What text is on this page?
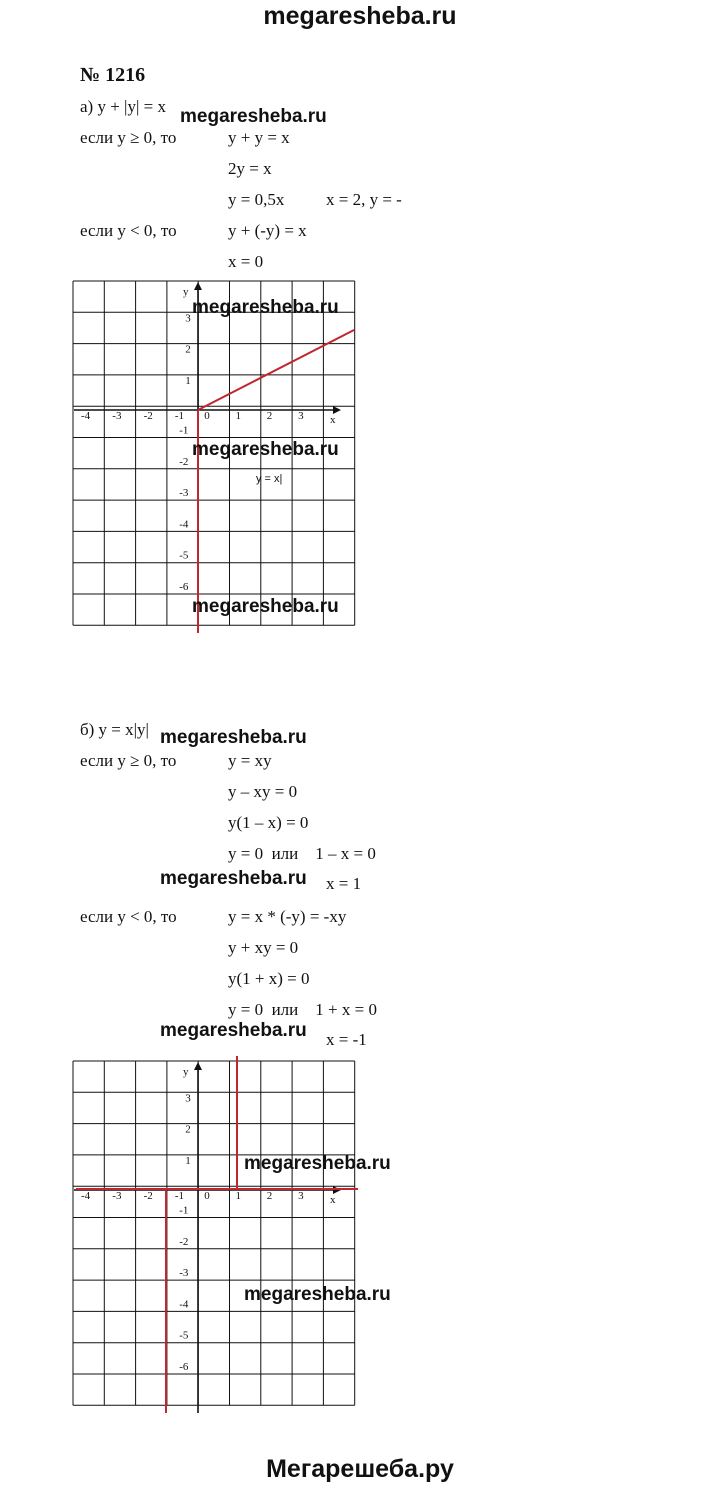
megaresheba.ru
Мегарешеба.ру
№ 1216
а) y + |y| = x
если y ≥ 0, то	y + y = x
2y = x
y = 0,5x x = 2, y = -
если y < 0, то	y + (-y) = x
x = 0
megaresheba.ru
-4 -3 -2 -1 0 1 2 3
3
2
1
-1
-2
-3
-4
-5
-6
x
y
y = x|
megaresheba.ru
megaresheba.ru
megaresheba.ru
б) y = x|y|
если y ≥ 0, то	y = xy
y – xy = 0
y(1 – x) = 0
y = 0  или    1 – x = 0
x = 1
если y < 0, то	y = x * (-y) = -xy
y + xy = 0
y(1 + x) = 0
y = 0  или    1 + x = 0
x = -1
megaresheba.ru
megaresheba.ru
megaresheba.ru
-4 -3 -2 -1 0 1 2 3
3
2
1
-1
-2
-3
-4
-5
-6
x
y
megaresheba.ru
megaresheba.ru
